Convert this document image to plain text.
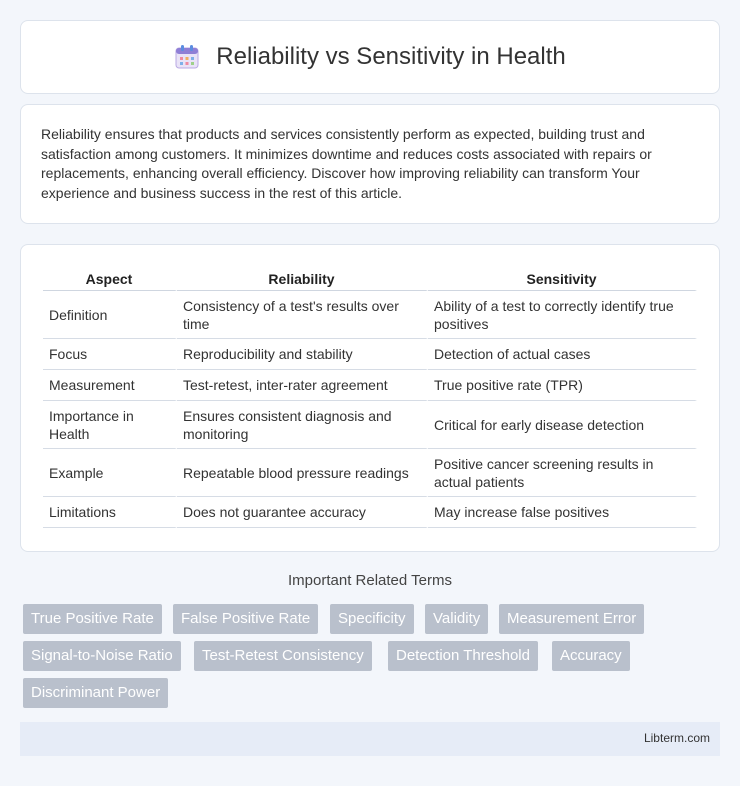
Reliability vs Sensitivity in Health

Reliability ensures that products and services consistently perform as expected, building trust and satisfaction among customers. It minimizes downtime and reduces costs associated with repairs or replacements, enhancing overall efficiency. Discover how improving reliability can transform Your experience and business success in the rest of this article.

Aspect	Reliability	Sensitivity
Definition	Consistency of a test's results over time	Ability of a test to correctly identify true positives
Focus	Reproducibility and stability	Detection of actual cases
Measurement	Test-retest, inter-rater agreement	True positive rate (TPR)
Importance in Health	Ensures consistent diagnosis and monitoring	Critical for early disease detection
Example	Repeatable blood pressure readings	Positive cancer screening results in actual patients
Limitations	Does not guarantee accuracy	May increase false positives
Important Related Terms
True Positive Rate	False Positive Rate	Specificity	Validity	Measurement Error
Signal-to-Noise Ratio	Test-Retest Consistency	Detection Threshold	Accuracy
Discriminant Power
Libterm.com
